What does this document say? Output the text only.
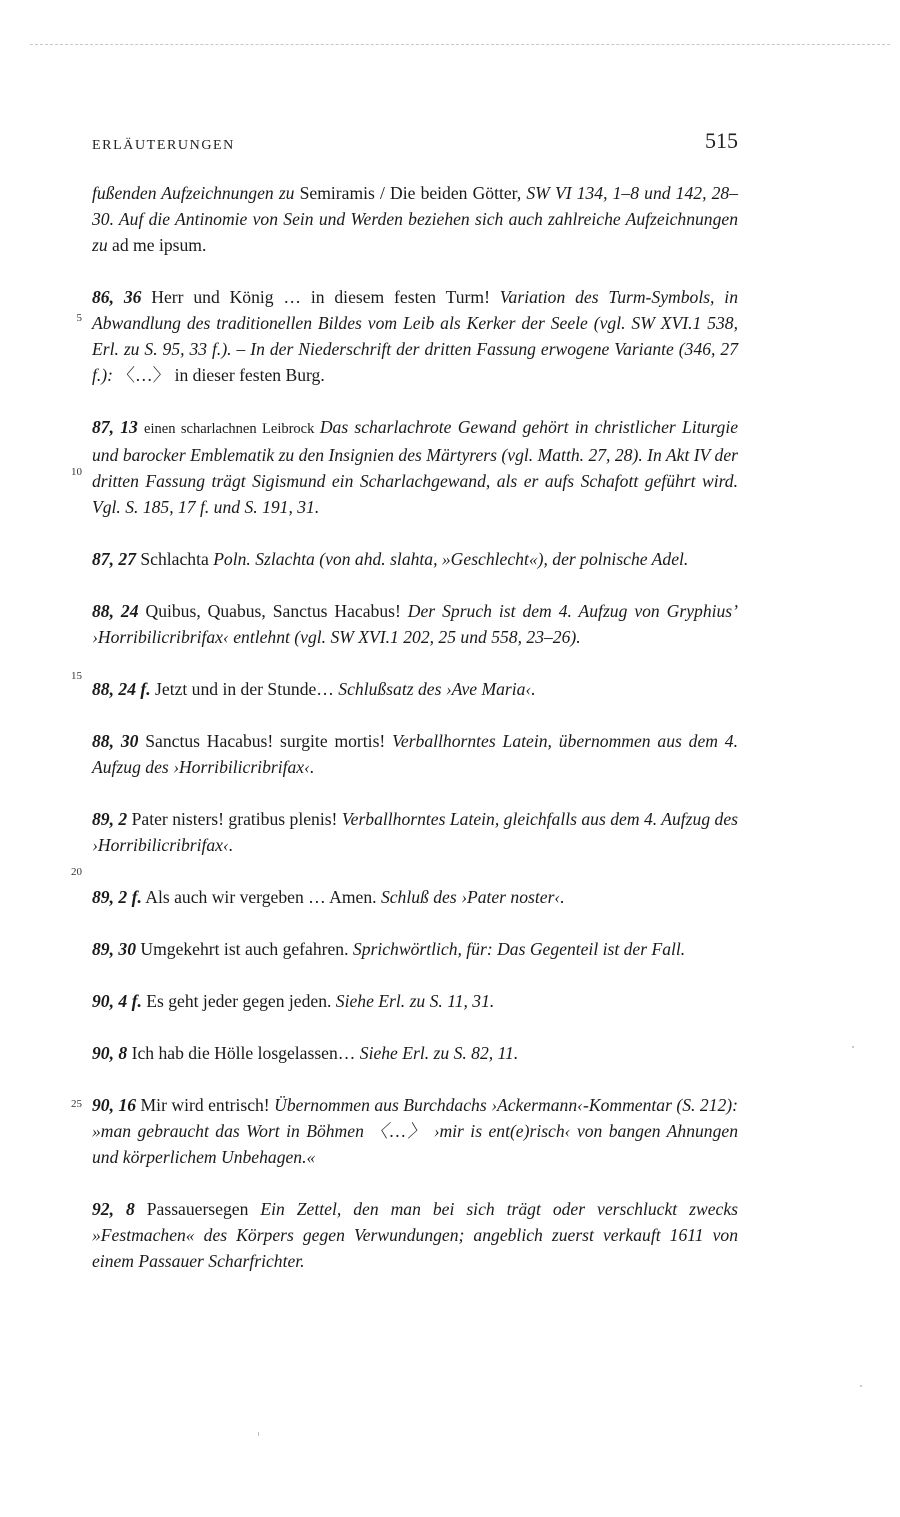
ERLÄUTERUNGEN	515

fußenden Aufzeichnungen zu Semiramis / Die beiden Götter, SW VI 134, 1–8 und 142, 28–30. Auf die Antinomie von Sein und Werden beziehen sich auch zahlreiche Aufzeichnungen zu ad me ipsum.

86, 36 Herr und König … in diesem festen Turm! Variation des Turm-Symbols, in Abwandlung des traditionellen Bildes vom Leib als Kerker der Seele (vgl. SW XVI.1 538, Erl. zu S. 95, 33 f.). – In der Niederschrift der dritten Fassung erwogene Variante (346, 27 f.): 〈…〉 in dieser festen Burg.

87, 13 einen scharlachnen Leibrock Das scharlachrote Gewand gehört in christlicher Liturgie und barocker Emblematik zu den Insignien des Märtyrers (vgl. Matth. 27, 28). In Akt IV der dritten Fassung trägt Sigismund ein Scharlachgewand, als er aufs Schafott geführt wird. Vgl. S. 185, 17 f. und S. 191, 31.

87, 27 Schlachta Poln. Szlachta (von ahd. slahta, »Geschlecht«), der polnische Adel.

88, 24 Quibus, Quabus, Sanctus Hacabus! Der Spruch ist dem 4. Aufzug von Gryphius’ ›Horribilicribrifax‹ entlehnt (vgl. SW XVI.1 202, 25 und 558, 23–26).

88, 24 f. Jetzt und in der Stunde… Schlußsatz des ›Ave Maria‹.

88, 30 Sanctus Hacabus! surgite mortis! Verballhorntes Latein, übernommen aus dem 4. Aufzug des ›Horribilicribrifax‹.

89, 2 Pater nisters! gratibus plenis! Verballhorntes Latein, gleichfalls aus dem 4. Aufzug des ›Horribilicribrifax‹.

89, 2 f. Als auch wir vergeben … Amen. Schluß des ›Pater noster‹.

89, 30 Umgekehrt ist auch gefahren. Sprichwörtlich, für: Das Gegenteil ist der Fall.

90, 4 f. Es geht jeder gegen jeden. Siehe Erl. zu S. 11, 31.

90, 8 Ich hab die Hölle losgelassen… Siehe Erl. zu S. 82, 11.

90, 16 Mir wird entrisch! Übernommen aus Burchdachs ›Ackermann‹-Kommentar (S. 212): »man gebraucht das Wort in Böhmen 〈…〉 ›mir is ent(e)risch‹ von bangen Ahnungen und körperlichem Unbehagen.«

92, 8 Passauersegen Ein Zettel, den man bei sich trägt oder verschluckt zwecks »Festmachen« des Körpers gegen Verwundungen; angeblich zuerst verkauft 1611 von einem Passauer Scharfrichter.

5
10
15
20
25
